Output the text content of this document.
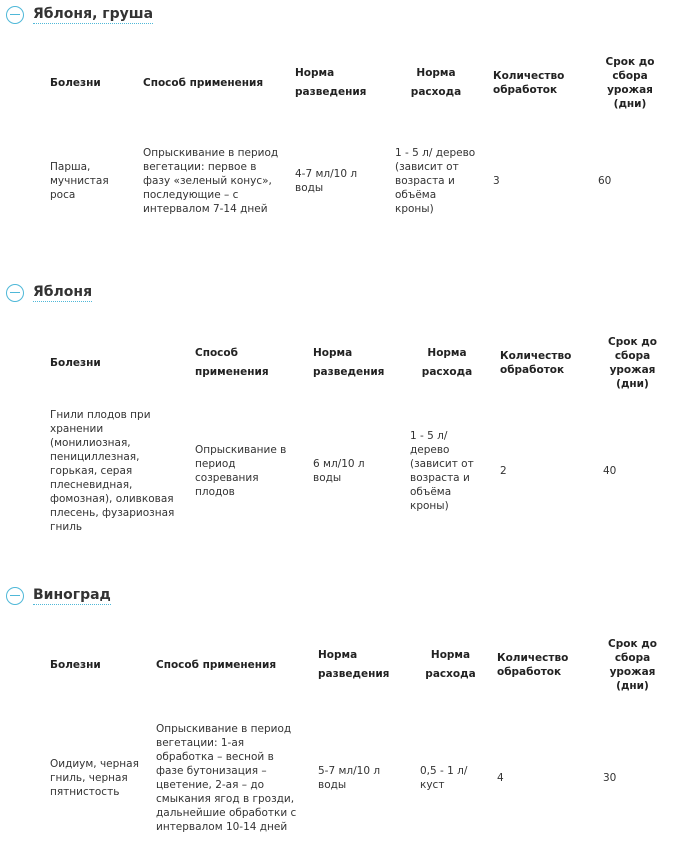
Яблоня, груша
Болезни	Способ применения	Норма разведения	Норма расхода	Количество обработок	Срок до сбора урожая (дни)
Парша, мучнистая роса	Опрыскивание в период вегетации: первое в фазу «зеленый конус», последующие – с интервалом 7-14 дней	4-7 мл/10 л воды	1 - 5 л/ дерево (зависит от возраста и объёма кроны)	3	60
Яблоня
Болезни	Способ применения	Норма разведения	Норма расхода	Количество обработок	Срок до сбора урожая (дни)
Гнили плодов при хранении (монилиозная, пенициллезная, горькая, серая плесневидная, фомозная), оливковая плесень, фузариозная гниль	Опрыскивание в период созревания плодов	6 мл/10 л воды	1 - 5 л/ дерево (зависит от возраста и объёма кроны)	2	40
Виноград
Болезни	Способ применения	Норма разведения	Норма расхода	Количество обработок	Срок до сбора урожая (дни)
Оидиум, черная гниль, черная пятнистость	Опрыскивание в период вегетации: 1-ая обработка – весной в фазе бутонизация – цветение, 2-ая – до смыкания ягод в грозди, дальнейшие обработки с интервалом 10-14 дней	5-7 мл/10 л воды	0,5 - 1 л/ куст	4	30
